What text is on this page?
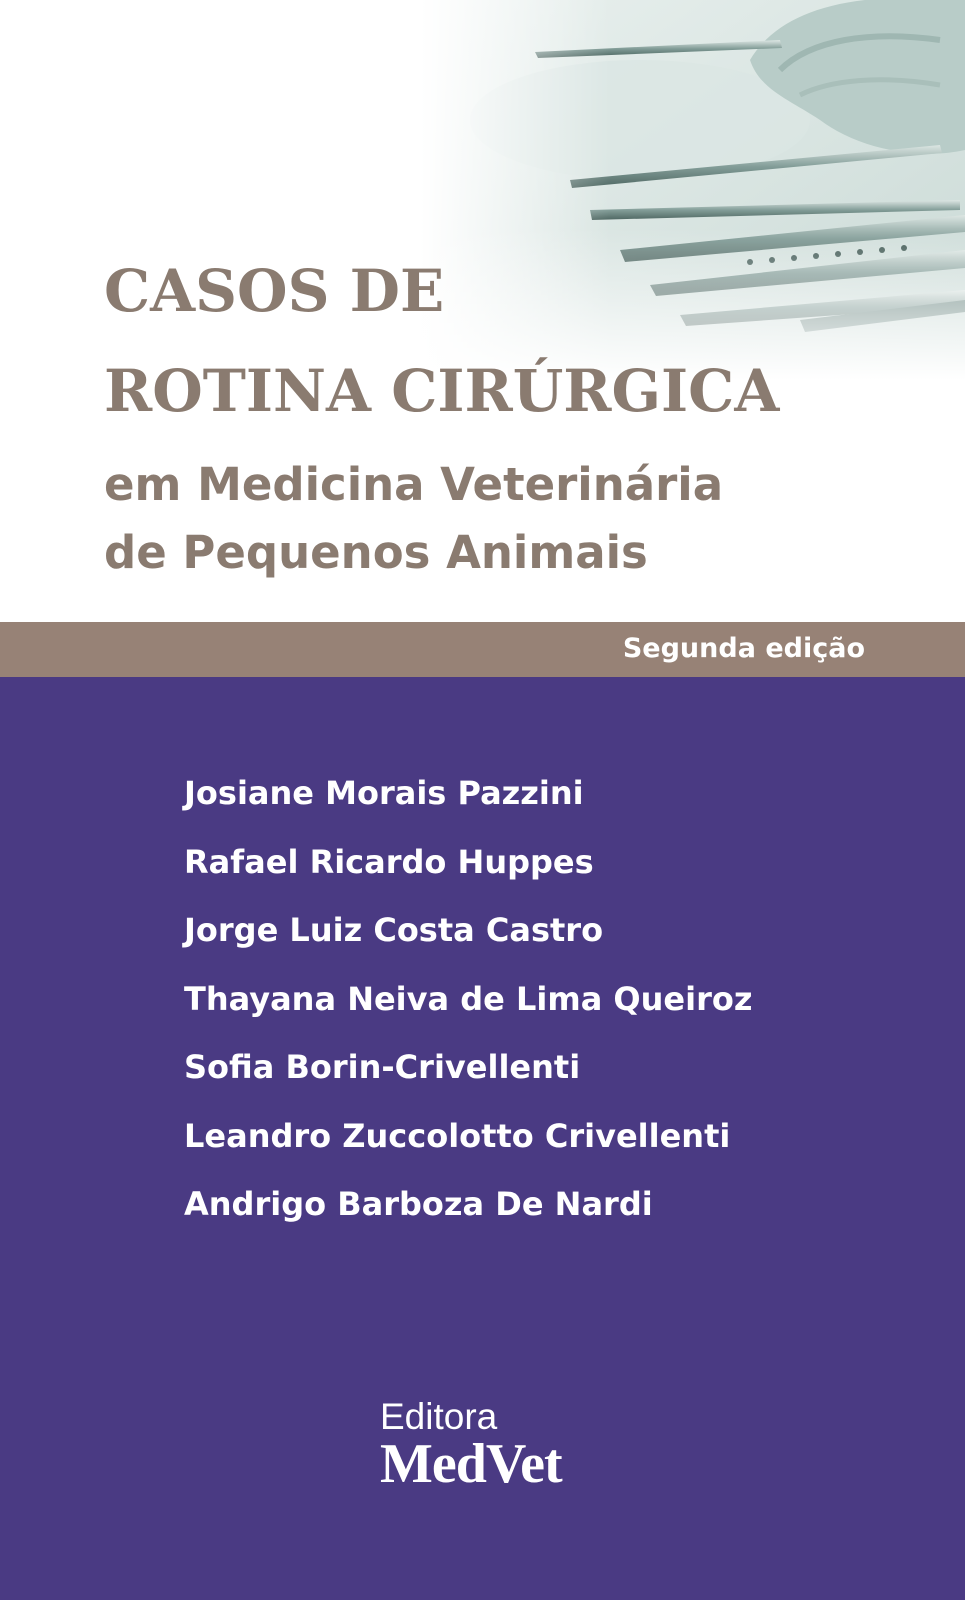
CASOS DE
ROTINA CIRÚRGICA
em Medicina Veterinária
de Pequenos Animais
Segunda edição
Josiane Morais Pazzini
Rafael Ricardo Huppes
Jorge Luiz Costa Castro
Thayana Neiva de Lima Queiroz
Sofia Borin-Crivellenti
Leandro Zuccolotto Crivellenti
Andrigo Barboza De Nardi
Editora
MedVet
